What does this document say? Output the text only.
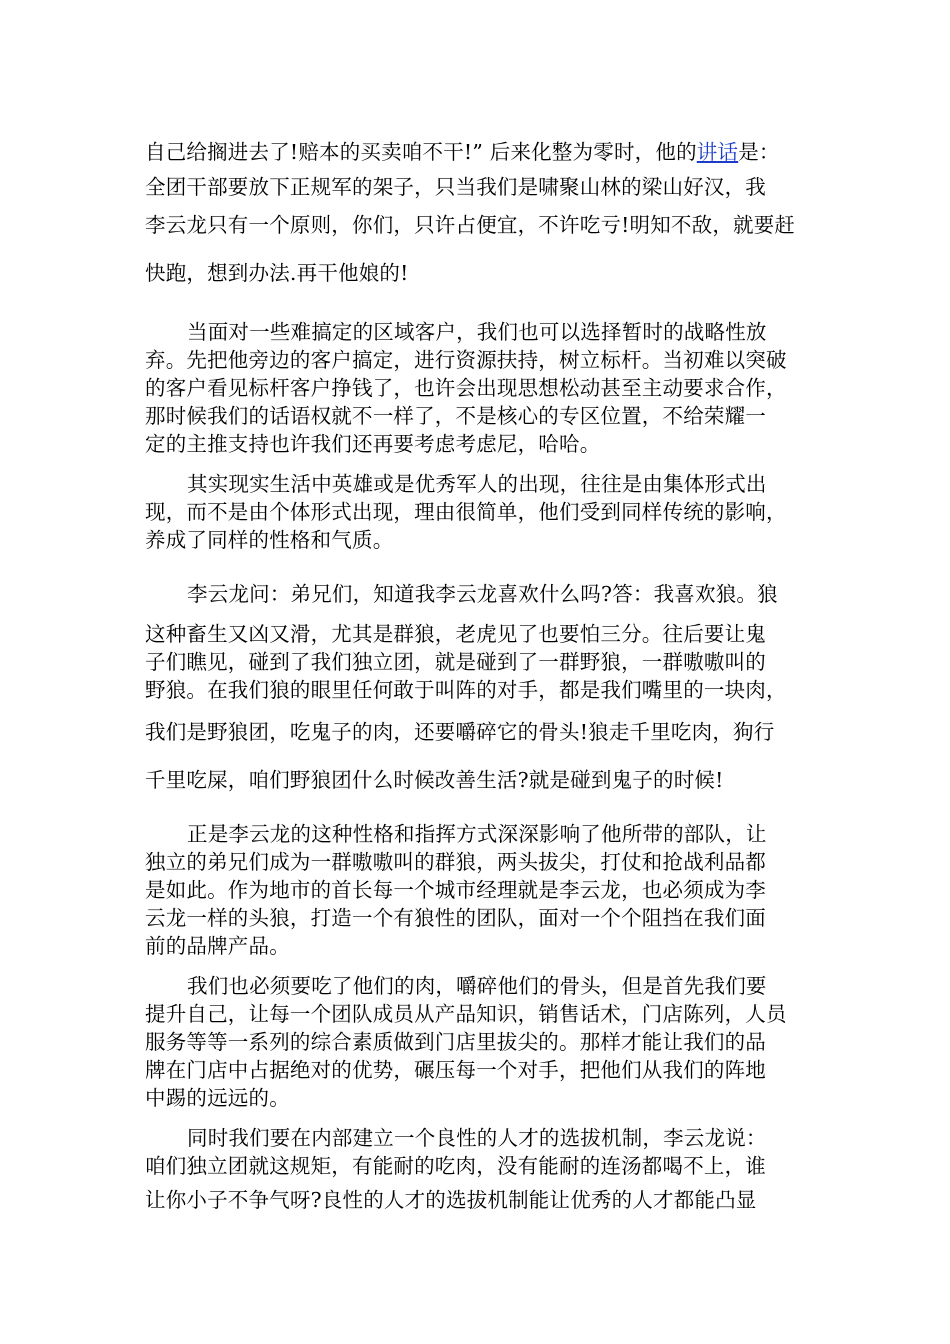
自己给搁进去了!赔本的买卖咱不干!” 后来化整为零时，他的讲话是：
全团干部要放下正规军的架子，只当我们是啸聚山林的梁山好汉，我
李云龙只有一个原则，你们，只许占便宜，不许吃亏!明知不敌，就要赶
快跑，想到办法.再干他娘的!
当面对一些难搞定的区域客户，我们也可以选择暂时的战略性放
弃。先把他旁边的客户搞定，进行资源扶持，树立标杆。当初难以突破
的客户看见标杆客户挣钱了，也许会出现思想松动甚至主动要求合作，
那时候我们的话语权就不一样了，不是核心的专区位置，不给荣耀一
定的主推支持也许我们还再要考虑考虑尼，哈哈。
其实现实生活中英雄或是优秀军人的出现，往往是由集体形式出
现，而不是由个体形式出现，理由很简单，他们受到同样传统的影响，
养成了同样的性格和气质。
李云龙问：弟兄们，知道我李云龙喜欢什么吗?答：我喜欢狼。狼
这种畜生又凶又滑，尤其是群狼，老虎见了也要怕三分。往后要让鬼
子们瞧见，碰到了我们独立团，就是碰到了一群野狼，一群嗷嗷叫的
野狼。在我们狼的眼里任何敢于叫阵的对手，都是我们嘴里的一块肉，
我们是野狼团，吃鬼子的肉，还要嚼碎它的骨头!狼走千里吃肉，狗行
千里吃屎，咱们野狼团什么时候改善生活?就是碰到鬼子的时候!
正是李云龙的这种性格和指挥方式深深影响了他所带的部队，让
独立的弟兄们成为一群嗷嗷叫的群狼，两头拔尖，打仗和抢战利品都
是如此。作为地市的首长每一个城市经理就是李云龙，也必须成为李
云龙一样的头狼，打造一个有狼性的团队，面对一个个阻挡在我们面
前的品牌产品。
我们也必须要吃了他们的肉，嚼碎他们的骨头，但是首先我们要
提升自己，让每一个团队成员从产品知识，销售话术，门店陈列，人员
服务等等一系列的综合素质做到门店里拔尖的。那样才能让我们的品
牌在门店中占据绝对的优势，碾压每一个对手，把他们从我们的阵地
中踢的远远的。
同时我们要在内部建立一个良性的人才的选拔机制，李云龙说：
咱们独立团就这规矩，有能耐的吃肉，没有能耐的连汤都喝不上，谁
让你小子不争气呀?良性的人才的选拔机制能让优秀的人才都能凸显
